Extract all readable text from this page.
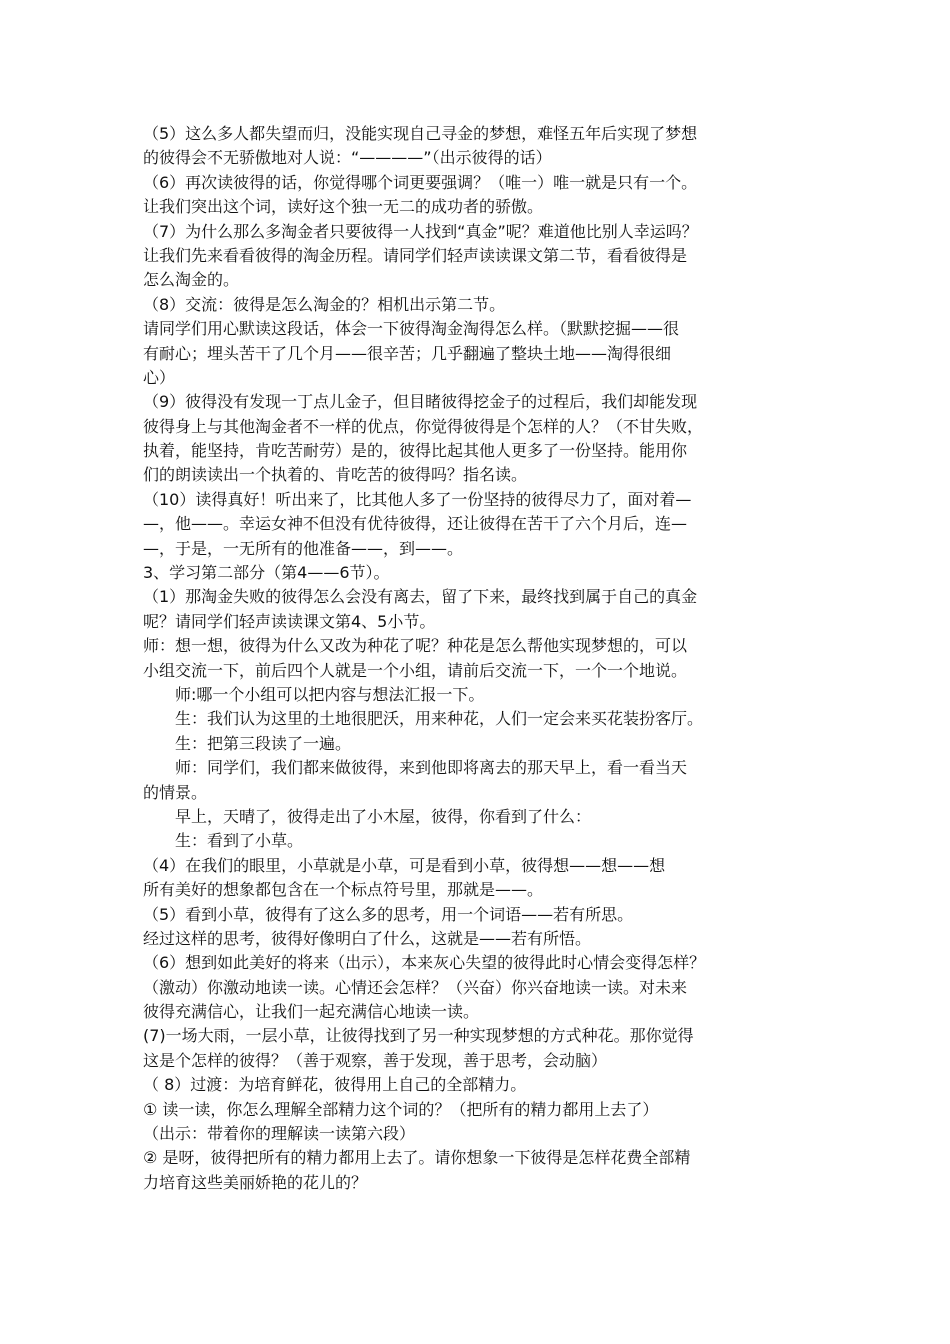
（5）这么多人都失望而归，没能实现自己寻金的梦想，难怪五年后实现了梦想
的彼得会不无骄傲地对人说：“————”（出示彼得的话）
（6）再次读彼得的话，你觉得哪个词更要强调？（唯一）唯一就是只有一个。
让我们突出这个词，读好这个独一无二的成功者的骄傲。
（7）为什么那么多淘金者只要彼得一人找到“真金”呢？难道他比别人幸运吗？
让我们先来看看彼得的淘金历程。请同学们轻声读读课文第二节，看看彼得是
怎么淘金的。
（8）交流：彼得是怎么淘金的？相机出示第二节。
请同学们用心默读这段话，体会一下彼得淘金淘得怎么样。（默默挖掘——很
有耐心；埋头苦干了几个月——很辛苦；几乎翻遍了整块土地——淘得很细
心）
（9）彼得没有发现一丁点儿金子，但目睹彼得挖金子的过程后，我们却能发现
彼得身上与其他淘金者不一样的优点，你觉得彼得是个怎样的人？（不甘失败，
执着，能坚持，肯吃苦耐劳）是的，彼得比起其他人更多了一份坚持。能用你
们的朗读读出一个执着的、肯吃苦的彼得吗？指名读。
（10）读得真好！听出来了，比其他人多了一份坚持的彼得尽力了，面对着—
—，他——。幸运女神不但没有优待彼得，还让彼得在苦干了六个月后，连—
—，于是，一无所有的他准备——，到——。
3、学习第二部分（第4——6节）。
（1）那淘金失败的彼得怎么会没有离去，留了下来，最终找到属于自己的真金
呢？请同学们轻声读读课文第4、5小节。
师：想一想，彼得为什么又改为种花了呢？种花是怎么帮他实现梦想的，可以
小组交流一下，前后四个人就是一个小组，请前后交流一下，一个一个地说。
师:哪一个小组可以把内容与想法汇报一下。
生：我们认为这里的土地很肥沃，用来种花，人们一定会来买花装扮客厅。
生：把第三段读了一遍。
师：同学们，我们都来做彼得，来到他即将离去的那天早上，看一看当天
的情景。
早上，天晴了，彼得走出了小木屋，彼得，你看到了什么：
生：看到了小草。
（4）在我们的眼里，小草就是小草，可是看到小草，彼得想——想——想
所有美好的想象都包含在一个标点符号里，那就是——。
（5）看到小草，彼得有了这么多的思考，用一个词语——若有所思。
经过这样的思考，彼得好像明白了什么，这就是——若有所悟。
（6）想到如此美好的将来（出示），本来灰心失望的彼得此时心情会变得怎样？
（激动）你激动地读一读。心情还会怎样？（兴奋）你兴奋地读一读。对未来
彼得充满信心，让我们一起充满信心地读一读。
(7)一场大雨，一层小草，让彼得找到了另一种实现梦想的方式种花。那你觉得
这是个怎样的彼得？（善于观察，善于发现，善于思考，会动脑）
（ 8）过渡：为培育鲜花，彼得用上自己的全部精力。
① 读一读，你怎么理解全部精力这个词的？（把所有的精力都用上去了）
（出示：带着你的理解读一读第六段）
② 是呀，彼得把所有的精力都用上去了。请你想象一下彼得是怎样花费全部精
力培育这些美丽娇艳的花儿的？
